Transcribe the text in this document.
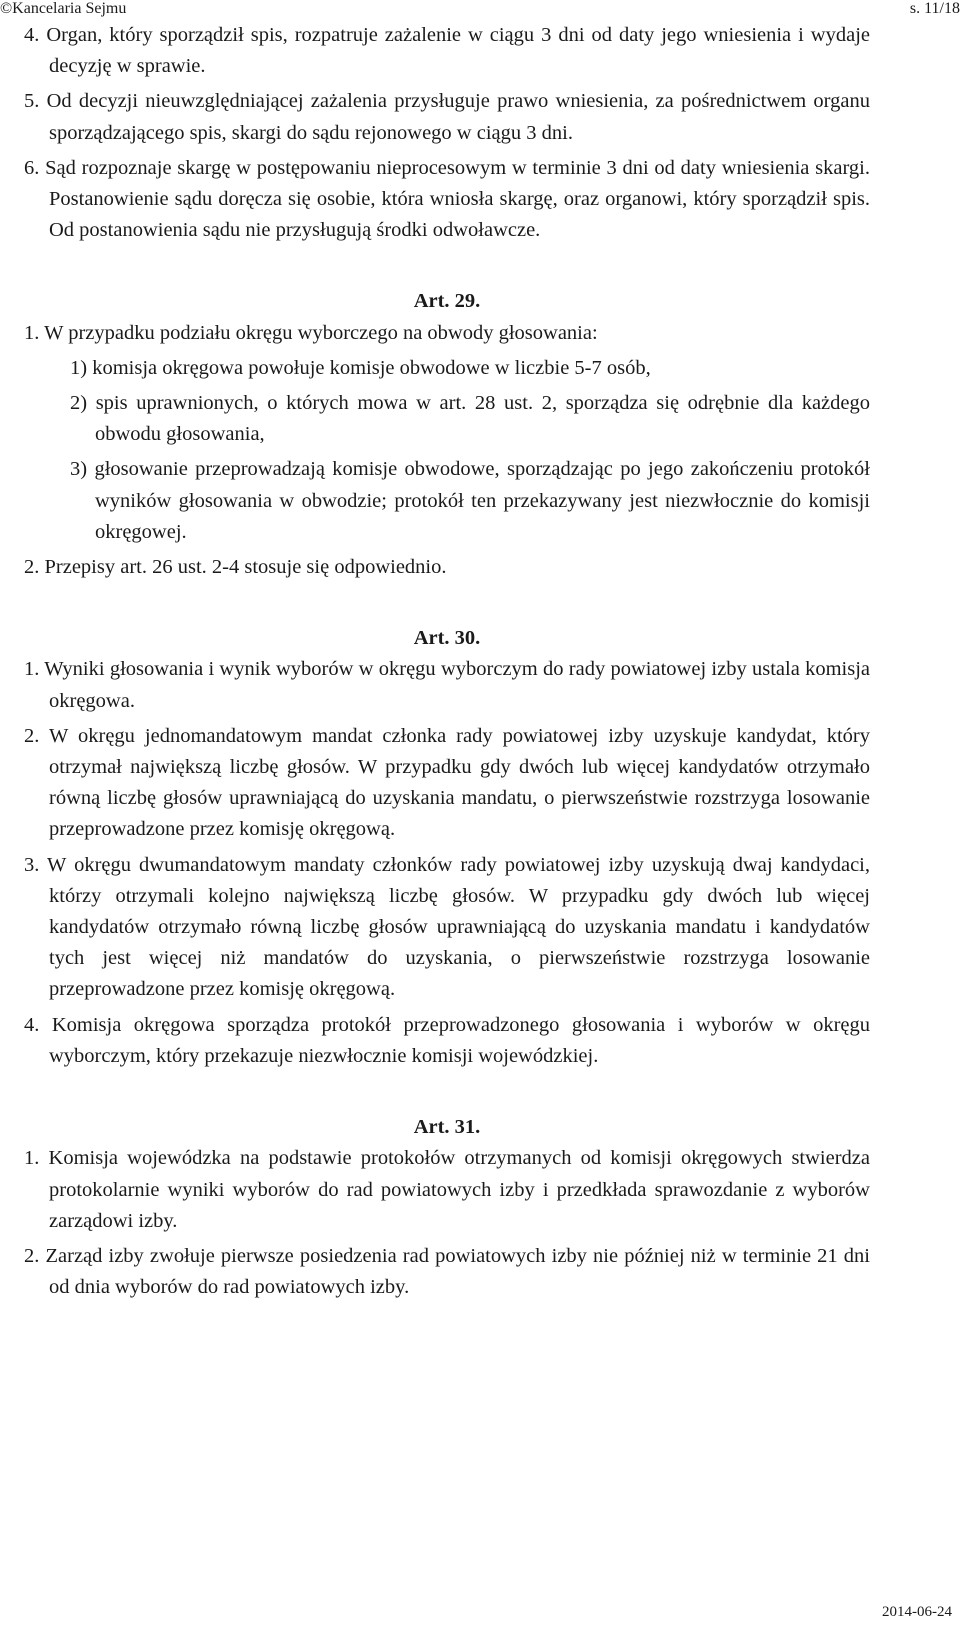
©Kancelaria Sejmu	s. 11/18

4. Organ, który sporządził spis, rozpatruje zażalenie w ciągu 3 dni od daty jego wniesienia i wydaje decyzję w sprawie.

5. Od decyzji nieuwzględniającej zażalenia przysługuje prawo wniesienia, za pośrednictwem organu sporządzającego spis, skargi do sądu rejonowego w ciągu 3 dni.

6. Sąd rozpoznaje skargę w postępowaniu nieprocesowym w terminie 3 dni od daty wniesienia skargi. Postanowienie sądu doręcza się osobie, która wniosła skargę, oraz organowi, który sporządził spis. Od postanowienia sądu nie przysługują środki odwoławcze.

Art. 29.

1. W przypadku podziału okręgu wyborczego na obwody głosowania:

1) komisja okręgowa powołuje komisje obwodowe w liczbie 5-7 osób,

2) spis uprawnionych, o których mowa w art. 28 ust. 2, sporządza się odrębnie dla każdego obwodu głosowania,

3) głosowanie przeprowadzają komisje obwodowe, sporządzając po jego zakończeniu protokół wyników głosowania w obwodzie; protokół ten przekazywany jest niezwłocznie do komisji okręgowej.

2. Przepisy art. 26 ust. 2-4 stosuje się odpowiednio.

Art. 30.

1. Wyniki głosowania i wynik wyborów w okręgu wyborczym do rady powiatowej izby ustala komisja okręgowa.

2. W okręgu jednomandatowym mandat członka rady powiatowej izby uzyskuje kandydat, który otrzymał największą liczbę głosów. W przypadku gdy dwóch lub więcej kandydatów otrzymało równą liczbę głosów uprawniającą do uzyskania mandatu, o pierwszeństwie rozstrzyga losowanie przeprowadzone przez komisję okręgową.

3. W okręgu dwumandatowym mandaty członków rady powiatowej izby uzyskują dwaj kandydaci, którzy otrzymali kolejno największą liczbę głosów. W przypadku gdy dwóch lub więcej kandydatów otrzymało równą liczbę głosów uprawniającą do uzyskania mandatu i kandydatów tych jest więcej niż mandatów do uzyskania, o pierwszeństwie rozstrzyga losowanie przeprowadzone przez komisję okręgową.

4. Komisja okręgowa sporządza protokół przeprowadzonego głosowania i wyborów w okręgu wyborczym, który przekazuje niezwłocznie komisji wojewódzkiej.

Art. 31.

1. Komisja wojewódzka na podstawie protokołów otrzymanych od komisji okręgowych stwierdza protokolarnie wyniki wyborów do rad powiatowych izby i przedkłada sprawozdanie z wyborów zarządowi izby.

2. Zarząd izby zwołuje pierwsze posiedzenia rad powiatowych izby nie później niż w terminie 21 dni od dnia wyborów do rad powiatowych izby.

2014-06-24
